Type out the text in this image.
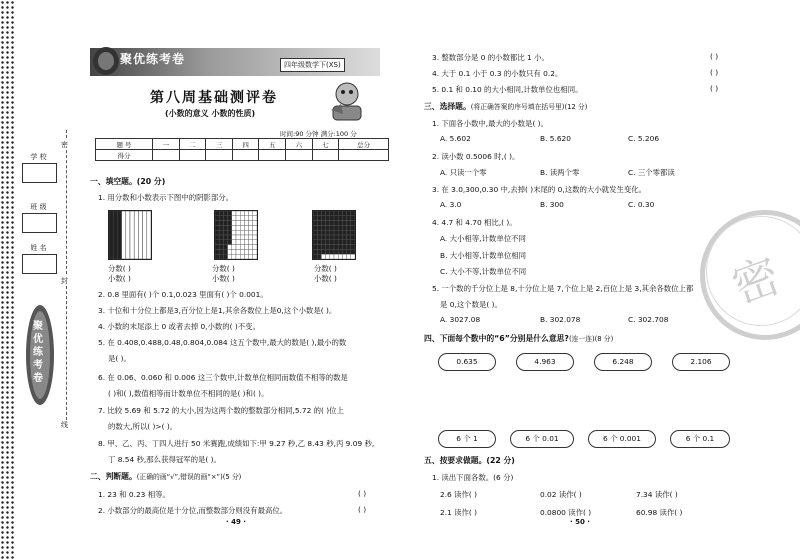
学 校
班 级
姓 名
密
封
线
聚优练考卷
聚优练考卷	四年级数学下(XS)
第八周基础测评卷
(小数的意义 小数的性质)
时间:90 分钟 满分:100 分
题 号	一	二	三	四	五	六	七	总分
得分								
一、填空题。(20 分)
1. 用分数和小数表示下图中的阴影部分。
分数( )
小数( )
分数( )
小数( )
分数( )
小数( )
2. 0.8 里面有( )个 0.1,0.023 里面有( )个 0.001。
3. 十位和十分位上都是3,百分位上是1,其余各数位上是0,这个小数是( )。
4. 小数的末尾添上 0 或者去掉 0,小数的( )不变。
5. 在 0.408,0.488,0.48,0.804,0.084 这五个数中,最大的数是( ),最小的数
是( )。
6. 在 0.06、0.060 和 0.006 这三个数中,计数单位相同而数值不相等的数是
( )和( ),数值相等而计数单位不相同的是( )和( )。
7. 比较 5.69 和 5.72 的大小,因为这两个数的整数部分相同,5.72 的( )位上
的数大,所以( )>( )。
8. 甲、乙、丙、丁四人进行 50 米赛跑,成绩如下:甲 9.27 秒,乙 8.43 秒,丙 9.09 秒,
丁 8.54 秒,那么获得冠军的是( )。
二、判断题。(正确的画“√”,错误的画“×”)(5 分)
1. 23 和 0.23 相等。	( )
2. 小数部分的最高位是十分位,而整数部分则没有最高位。	( )
· 49 ·
3. 整数部分是 0 的小数都比 1 小。	( )
4. 大于 0.1 小于 0.3 的小数只有 0.2。	( )
5. 0.1 和 0.10 的大小相同,计数单位也相同。	( )
三、选择题。(将正确答案的序号填在括号里)(12 分)
1. 下面各小数中,最大的小数是( )。
A. 5.602	B. 5.620	C. 5.206
2. 读小数 0.5006 时,( )。
A. 只读一个零	B. 读两个零	C. 三个零都读
3. 在 3.0,300,0.30 中,去掉( )末尾的 0,这数的大小就发生变化。
A. 3.0	B. 300	C. 0.30
4. 4.7 和 4.70 相比,( )。
A. 大小相等,计数单位不同
B. 大小相等,计数单位相同
C. 大小不等,计数单位不同
5. 一个数的千分位上是 8,十分位上是 7,个位上是 2,百位上是 3,其余各数位上都
是 0,这个数是( )。
A. 3027.08	B. 302.078	C. 302.708
四、下面每个数中的“6”分别是什么意思?(连一连)(8 分)
0.635	4.963	6.248	2.106
6 个 1	6 个 0.01	6 个 0.001	6 个 0.1
五、按要求做题。(22 分)
1. 读出下面各数。(6 分)
2.6 读作( )	0.02 读作( )	7.34 读作( )
2.1 读作( )	0.0800 读作( )	60.98 读作( )
· 50 ·
密
